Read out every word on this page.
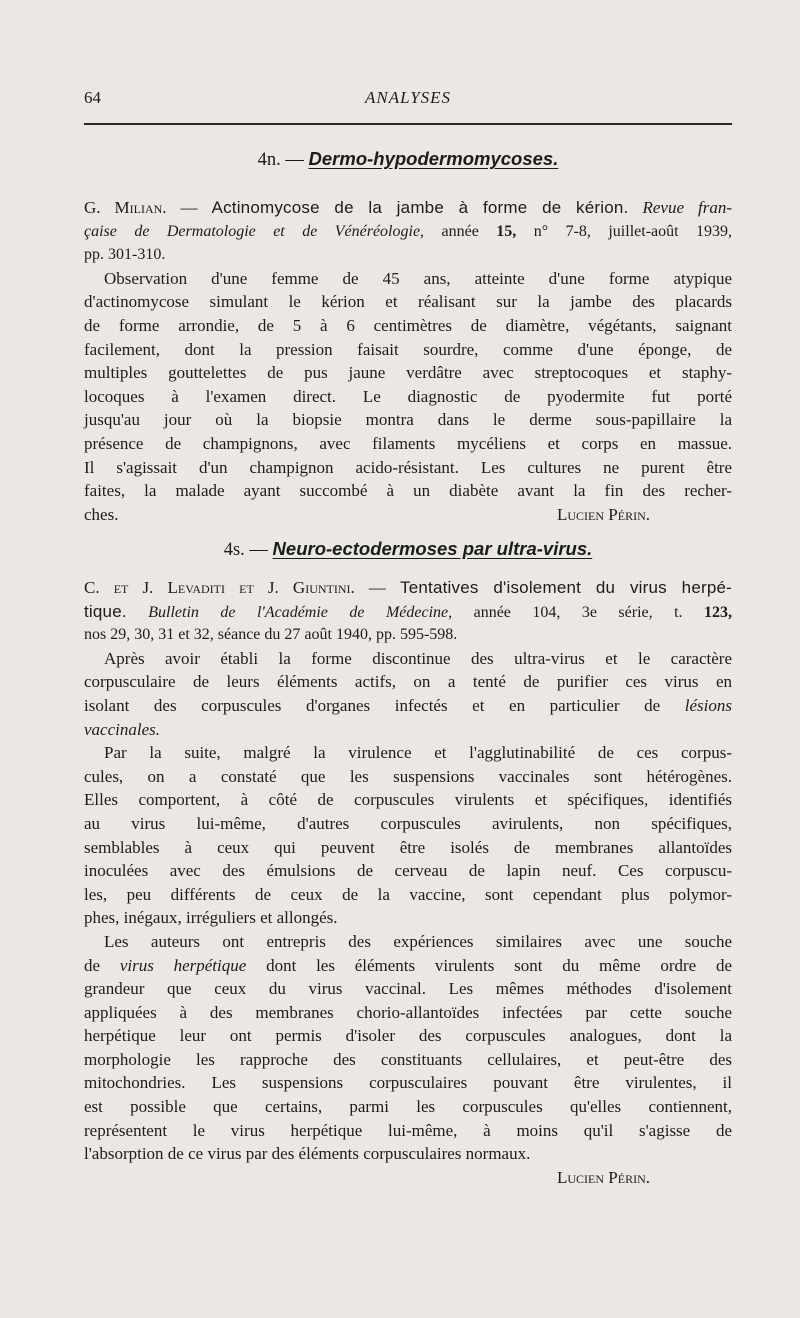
64	ANALYSES
4n. — Dermo-hypodermomycoses.
G. Milian. — Actinomycose de la jambe à forme de kérion. Revue fran-
çaise de Dermatologie et de Vénéréologie, année 15, n° 7-8, juillet-août 1939,
pp. 301-310.
Observation d'une femme de 45 ans, atteinte d'une forme atypique
d'actinomycose simulant le kérion et réalisant sur la jambe des placards
de forme arrondie, de 5 à 6 centimètres de diamètre, végétants, saignant
facilement, dont la pression faisait sourdre, comme d'une éponge, de
multiples gouttelettes de pus jaune verdâtre avec streptocoques et staphy-
locoques à l'examen direct. Le diagnostic de pyodermite fut porté
jusqu'au jour où la biopsie montra dans le derme sous-papillaire la
présence de champignons, avec filaments mycéliens et corps en massue.
Il s'agissait d'un champignon acido-résistant. Les cultures ne purent être
faites, la malade ayant succombé à un diabète avant la fin des recher-
ches.	Lucien Périn.
4s. — Neuro-ectodermoses par ultra-virus.
C. et J. Levaditi et J. Giuntini. — Tentatives d'isolement du virus herpé-
tique. Bulletin de l'Académie de Médecine, année 104, 3e série, t. 123,
nos 29, 30, 31 et 32, séance du 27 août 1940, pp. 595-598.
Après avoir établi la forme discontinue des ultra-virus et le caractère
corpusculaire de leurs éléments actifs, on a tenté de purifier ces virus en
isolant des corpuscules d'organes infectés et en particulier de lésions
vaccinales.
Par la suite, malgré la virulence et l'agglutinabilité de ces corpus-
cules, on a constaté que les suspensions vaccinales sont hétérogènes.
Elles comportent, à côté de corpuscules virulents et spécifiques, identifiés
au virus lui-même, d'autres corpuscules avirulents, non spécifiques,
semblables à ceux qui peuvent être isolés de membranes allantoïdes
inoculées avec des émulsions de cerveau de lapin neuf. Ces corpuscu-
les, peu différents de ceux de la vaccine, sont cependant plus polymor-
phes, inégaux, irréguliers et allongés.
Les auteurs ont entrepris des expériences similaires avec une souche
de virus herpétique dont les éléments virulents sont du même ordre de
grandeur que ceux du virus vaccinal. Les mêmes méthodes d'isolement
appliquées à des membranes chorio-allantoïdes infectées par cette souche
herpétique leur ont permis d'isoler des corpuscules analogues, dont la
morphologie les rapproche des constituants cellulaires, et peut-être des
mitochondries. Les suspensions corpusculaires pouvant être virulentes, il
est possible que certains, parmi les corpuscules qu'elles contiennent,
représentent le virus herpétique lui-même, à moins qu'il s'agisse de
l'absorption de ce virus par des éléments corpusculaires normaux.
Lucien Périn.
